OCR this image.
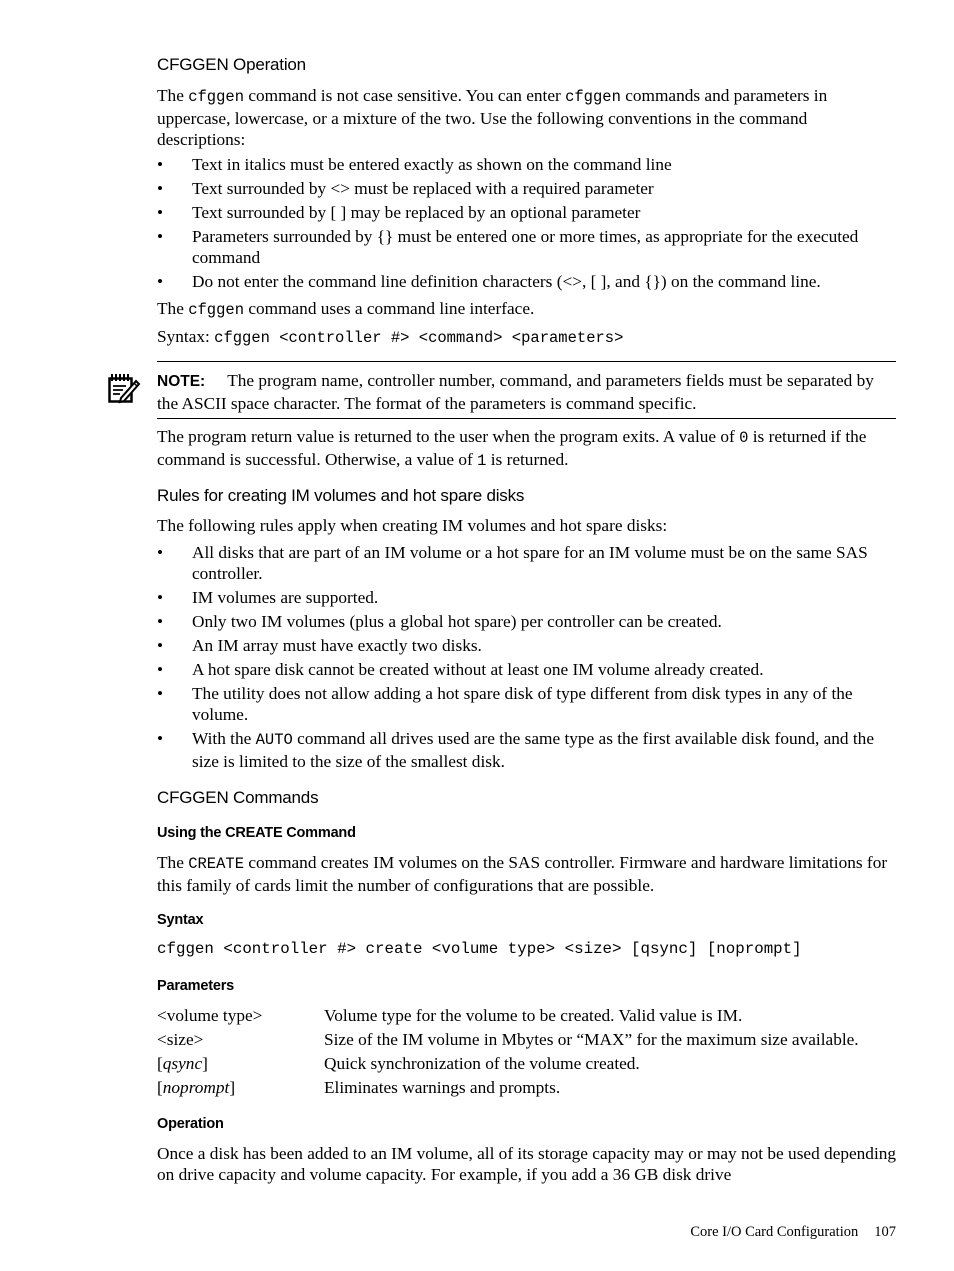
CFGGEN Operation
The cfggen command is not case sensitive. You can enter cfggen commands and parameters in uppercase, lowercase, or a mixture of the two. Use the following conventions in the command descriptions:
• Text in italics must be entered exactly as shown on the command line
• Text surrounded by <> must be replaced with a required parameter
• Text surrounded by [ ] may be replaced by an optional parameter
• Parameters surrounded by {} must be entered one or more times, as appropriate for the executed command
• Do not enter the command line definition characters (<>, [ ], and {}) on the command line.
The cfggen command uses a command line interface.
Syntax: cfggen <controller #> <command> <parameters>
NOTE: The program name, controller number, command, and parameters fields must be separated by the ASCII space character. The format of the parameters is command specific.
The program return value is returned to the user when the program exits. A value of 0 is returned if the command is successful. Otherwise, a value of 1 is returned.
Rules for creating IM volumes and hot spare disks
The following rules apply when creating IM volumes and hot spare disks:
• All disks that are part of an IM volume or a hot spare for an IM volume must be on the same SAS controller.
• IM volumes are supported.
• Only two IM volumes (plus a global hot spare) per controller can be created.
• An IM array must have exactly two disks.
• A hot spare disk cannot be created without at least one IM volume already created.
• The utility does not allow adding a hot spare disk of type different from disk types in any of the volume.
• With the AUTO command all drives used are the same type as the first available disk found, and the size is limited to the size of the smallest disk.
CFGGEN Commands
Using the CREATE Command
The CREATE command creates IM volumes on the SAS controller. Firmware and hardware limitations for this family of cards limit the number of configurations that are possible.
Syntax
cfggen <controller #> create <volume type> <size> [qsync] [noprompt]
Parameters
<volume type>	Volume type for the volume to be created. Valid value is IM.
<size>	Size of the IM volume in Mbytes or “MAX” for the maximum size available.
[qsync]	Quick synchronization of the volume created.
[noprompt]	Eliminates warnings and prompts.
Operation
Once a disk has been added to an IM volume, all of its storage capacity may or may not be used depending on drive capacity and volume capacity. For example, if you add a 36 GB disk drive
Core I/O Card Configuration 107
